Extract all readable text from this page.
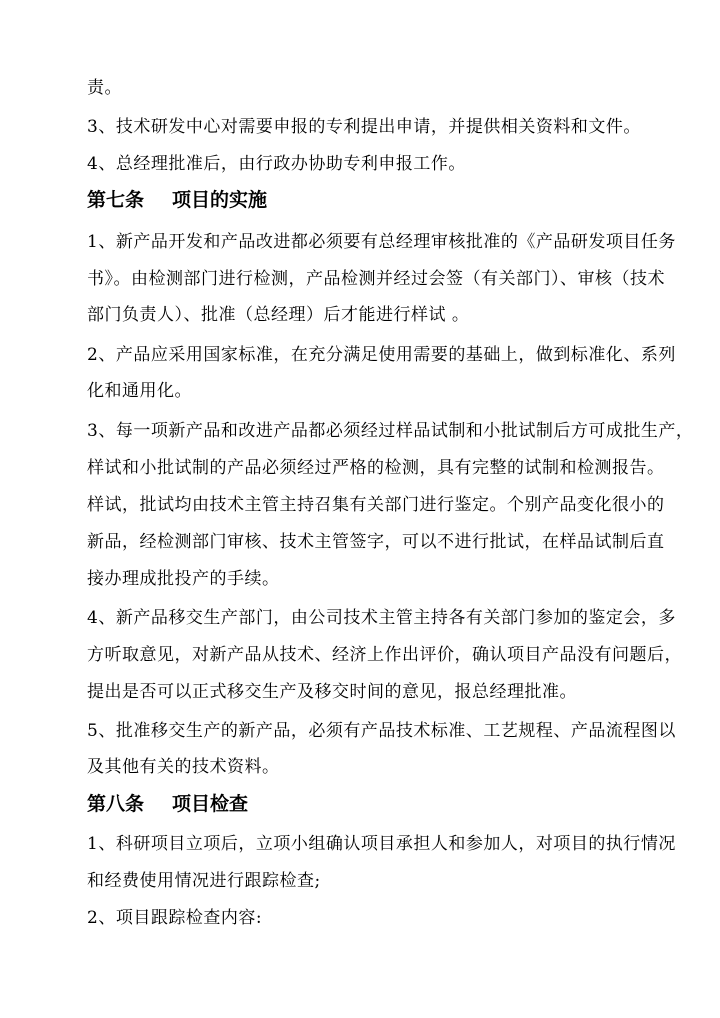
责。
3、技术研发中心对需要申报的专利提出申请，并提供相关资料和文件。
4、总经理批准后，由行政办协助专利申报工作。
第七条 项目的实施
1、新产品开发和产品改进都必须要有总经理审核批准的《产品研发项目任务
书》。由检测部门进行检测，产品检测并经过会签（有关部门）、审核（技术
部门负责人）、批准（总经理）后才能进行样试 。
2、产品应采用国家标准，在充分满足使用需要的基础上，做到标准化、系列
化和通用化。
3、每一项新产品和改进产品都必须经过样品试制和小批试制后方可成批生产，
样试和小批试制的产品必须经过严格的检测，具有完整的试制和检测报告。
样试，批试均由技术主管主持召集有关部门进行鉴定。个别产品变化很小的
新品，经检测部门审核、技术主管签字，可以不进行批试，在样品试制后直
接办理成批投产的手续。
4、新产品移交生产部门，由公司技术主管主持各有关部门参加的鉴定会，多
方听取意见，对新产品从技术、经济上作出评价，确认项目产品没有问题后，
提出是否可以正式移交生产及移交时间的意见，报总经理批准。
5、批准移交生产的新产品，必须有产品技术标准、工艺规程、产品流程图以
及其他有关的技术资料。
第八条 项目检查
1、科研项目立项后，立项小组确认项目承担人和参加人，对项目的执行情况
和经费使用情况进行跟踪检查;
2、项目跟踪检查内容:
